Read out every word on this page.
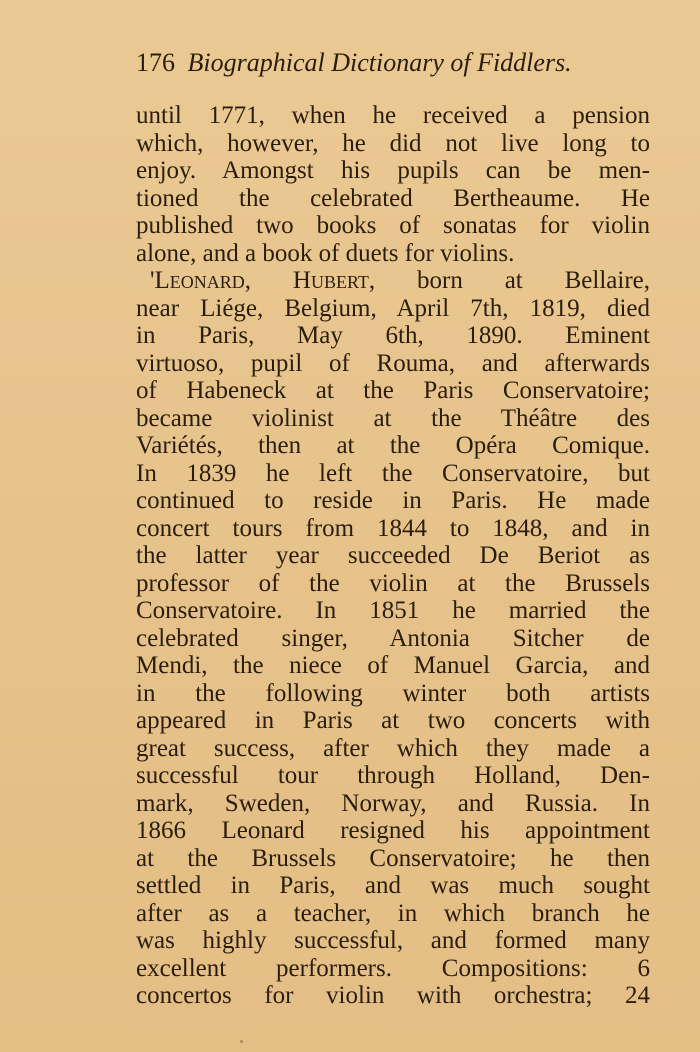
176 Biographical Dictionary of Fiddlers.
until 1771, when he received a pension
which, however, he did not live long to
enjoy. Amongst his pupils can be men-
tioned the celebrated Bertheaume. He
published two books of sonatas for violin
alone, and a book of duets for violins.
'Leonard, Hubert, born at Bellaire,
near Liége, Belgium, April 7th, 1819, died
in Paris, May 6th, 1890. Eminent
virtuoso, pupil of Rouma, and afterwards
of Habeneck at the Paris Conservatoire;
became violinist at the Théâtre des
Variétés, then at the Opéra Comique.
In 1839 he left the Conservatoire, but
continued to reside in Paris. He made
concert tours from 1844 to 1848, and in
the latter year succeeded De Beriot as
professor of the violin at the Brussels
Conservatoire. In 1851 he married the
celebrated singer, Antonia Sitcher de
Mendi, the niece of Manuel Garcia, and
in the following winter both artists
appeared in Paris at two concerts with
great success, after which they made a
successful tour through Holland, Den-
mark, Sweden, Norway, and Russia. In
1866 Leonard resigned his appointment
at the Brussels Conservatoire; he then
settled in Paris, and was much sought
after as a teacher, in which branch he
was highly successful, and formed many
excellent performers. Compositions: 6
concertos for violin with orchestra; 24
